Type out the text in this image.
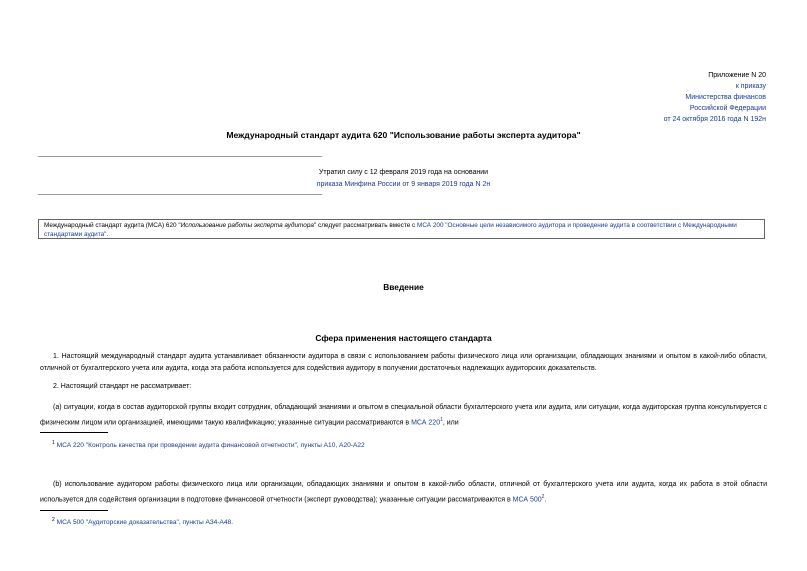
Приложение N 20
к приказу
Министерства финансов
Российской Федерации
от 24 октября 2016 года N 192н
Международный стандарт аудита 620 "Использование работы эксперта аудитора"
Утратил силу с 12 февраля 2019 года на основании
приказа Минфина России от 9 января 2019 года N 2н
Международный стандарт аудита (МСА) 620 "Использование работы эксперта аудитора" следует рассматривать вместе с МСА 200 "Основные цели независимого аудитора и проведение аудита в соответствии с Международными стандартами аудита".
Введение
Сфера применения настоящего стандарта
1. Настоящий международный стандарт аудита устанавливает обязанности аудитора в связи с использованием работы физического лица или организации, обладающих знаниями и опытом в какой-либо области, отличной от бухгалтерского учета или аудита, когда эта работа используется для содействия аудитору в получении достаточных надлежащих аудиторских доказательств.
2. Настоящий стандарт не рассматривает:
(a) ситуации, когда в состав аудиторской группы входит сотрудник, обладающий знаниями и опытом в специальной области бухгалтерского учета или аудита, или ситуации, когда аудиторская группа консультируется с физическим лицом или организацией, имеющими такую квалификацию; указанные ситуации рассматриваются в МСА $220^1$, или
$^1$ МСА 220 "Контроль качества при проведении аудита финансовой отчетности", пункты А10, А20-А22
(b) использование аудитором работы физического лица или организации, обладающих знаниями и опытом в какой-либо области, отличной от бухгалтерского учета или аудита, когда их работа в этой области используется для содействия организации в подготовке финансовой отчетности (эксперт руководства); указанные ситуации рассматриваются в МСА $500^2$.
$^2$ МСА 500 "Аудиторские доказательства", пункты А34-А48.
